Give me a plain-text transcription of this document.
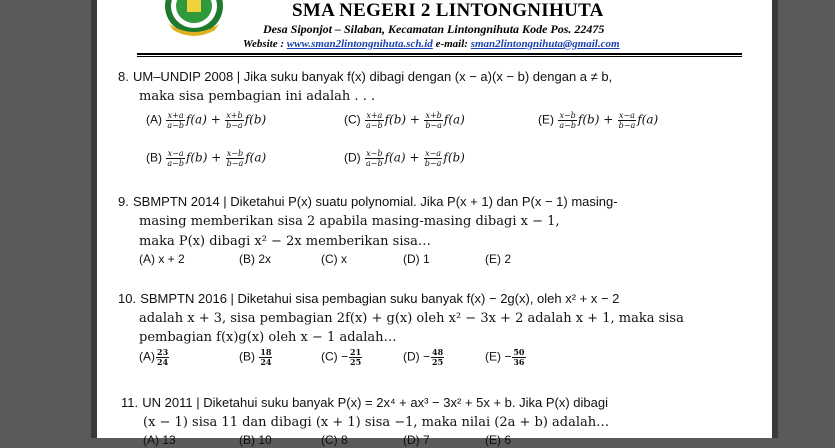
SMA NEGERI 2 LINTONGNIHUTA
Desa Siponjot – Silaban, Kecamatan Lintongnihuta Kode Pos. 22475
Website : www.sman2lintongnihuta.sch.id e-mail: sman2lintongnihuta@gmail.com
8. UM–UNDIP 2008 | Jika suku banyak f(x) dibagi dengan (x − a)(x − b) dengan a ≠ b,
maka sisa pembagian ini adalah . . .
$(A) \frac{x+a}{a-b} f(a) + \frac{x+b}{b-a} f(b)$	$(C) \frac{x+a}{a-b} f(b) + \frac{x+b}{b-a} f(a)$	$(E) \frac{x-b}{a-b} f(b) + \frac{x-a}{b-a} f(a)$
$(B) \frac{x-a}{a-b} f(b) + \frac{x-b}{b-a} f(a)$	$(D) \frac{x-b}{a-b} f(a) + \frac{x-a}{b-a} f(b)$
9. SBMPTN 2014 | Diketahui P(x) suatu polynomial. Jika P(x + 1) dan P(x − 1) masing-
masing memberikan sisa 2 apabila masing-masing dibagi x − 1,
maka P(x) dibagi x² − 2x memberikan sisa…
(A) x + 2	(B) 2x	(C) x	(D) 1	(E) 2
10. SBMPTN 2016 | Diketahui sisa pembagian suku banyak f(x) − 2g(x), oleh x² + x − 2
adalah x + 3, sisa pembagian 2f(x) + g(x) oleh x² − 3x + 2 adalah x + 1, maka sisa
pembagian f(x)g(x) oleh x − 1 adalah…
$(A) \frac{23}{24}$	$(B) \frac{18}{24}$	$(C) - \frac{21}{25}$	$(D) - \frac{48}{25}$	$(E) - \frac{50}{36}$
11. UN 2011 | Diketahui suku banyak P(x) = 2x⁴ + ax³ − 3x² + 5x + b. Jika P(x) dibagi
(x − 1) sisa 11 dan dibagi (x + 1) sisa −1, maka nilai (2a + b) adalah…
(A) 13	(B) 10	(C) 8	(D) 7	(E) 6
